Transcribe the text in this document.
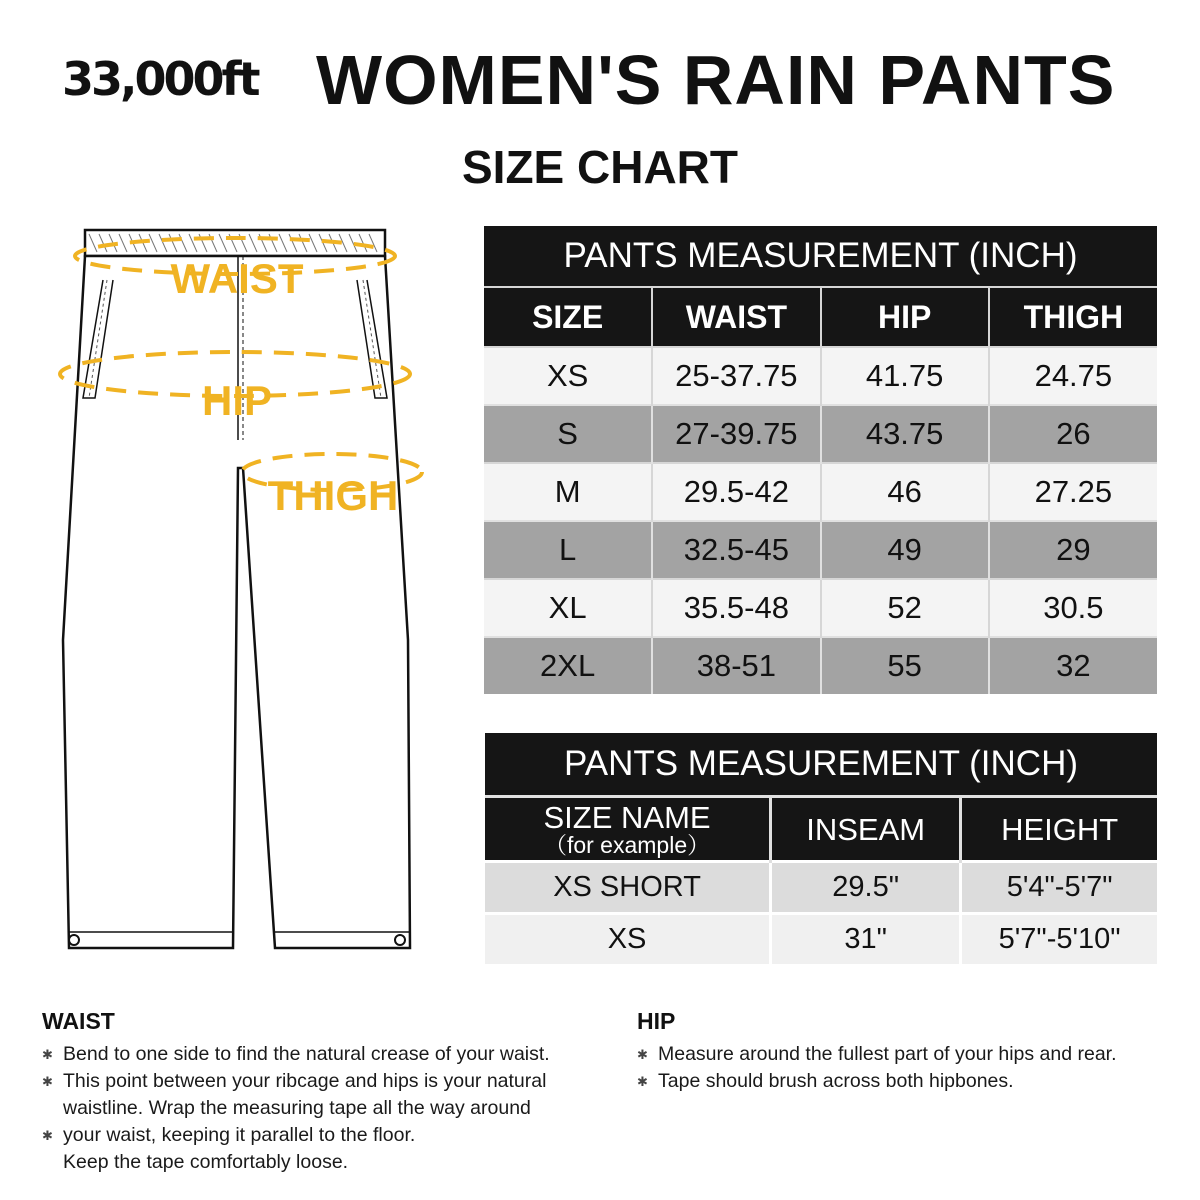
33,000ft WOMEN'S RAIN PANTS
SIZE CHART
WAIST
HIP
THIGH
PANTS MEASUREMENT (INCH)			
SIZE	WAIST	HIP	THIGH
XS	25-37.75	41.75	24.75
S	27-39.75	43.75	26
M	29.5-42	46	27.25
L	32.5-45	49	29
XL	35.5-48	52	30.5
2XL	38-51	55	32
PANTS MEASUREMENT (INCH)		
SIZE NAME
（for example）	INSEAM	HEIGHT
XS SHORT	29.5"	5'4"-5'7"
XS	31"	5'7"-5'10"
WAIST
✱ Bend to one side to find the natural crease of your waist.
✱ This point between your ribcage and hips is your natural
waistline. Wrap the measuring tape all the way around
✱ your waist, keeping it parallel to the floor.
Keep the tape comfortably loose.
HIP
✱ Measure around the fullest part of your hips and rear.
✱ Tape should brush across both hipbones.
